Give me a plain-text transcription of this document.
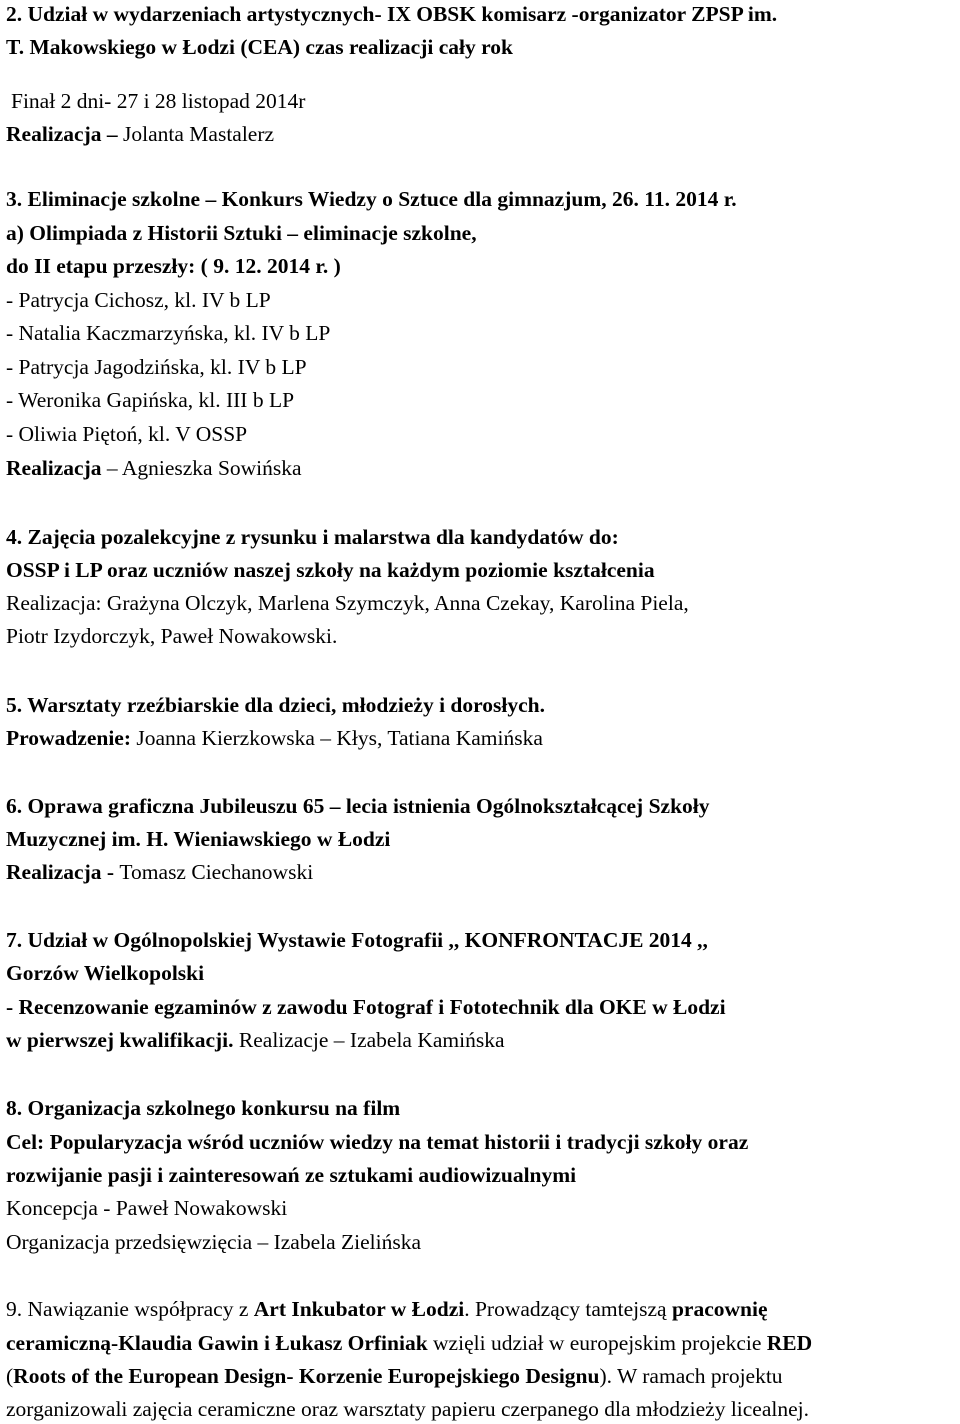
2. Udział w wydarzeniach artystycznych- IX OBSK komisarz -organizator ZPSP im.
T. Makowskiego w Łodzi (CEA) czas realizacji cały rok
Finał 2 dni- 27 i 28 listopad 2014r
Realizacja – Jolanta Mastalerz
3. Eliminacje szkolne – Konkurs Wiedzy o Sztuce dla gimnazjum, 26. 11. 2014 r.
a) Olimpiada z Historii Sztuki – eliminacje szkolne,
do II etapu przeszły: ( 9. 12. 2014 r. )
- Patrycja Cichosz, kl. IV b LP
- Natalia Kaczmarzyńska, kl. IV b LP
- Patrycja Jagodzińska, kl. IV b LP
- Weronika Gapińska, kl. III b LP
- Oliwia Piętoń, kl. V OSSP
Realizacja – Agnieszka Sowińska
4. Zajęcia pozalekcyjne z rysunku i malarstwa dla kandydatów do:
OSSP i LP oraz uczniów naszej szkoły na każdym poziomie kształcenia
Realizacja: Grażyna Olczyk, Marlena Szymczyk, Anna Czekay, Karolina Piela,
Piotr Izydorczyk, Paweł Nowakowski.
5. Warsztaty rzeźbiarskie dla dzieci, młodzieży i dorosłych.
Prowadzenie: Joanna Kierzkowska – Kłys, Tatiana Kamińska
6. Oprawa graficzna Jubileuszu 65 – lecia istnienia Ogólnokształcącej Szkoły
Muzycznej im. H. Wieniawskiego w Łodzi
Realizacja - Tomasz Ciechanowski
7. Udział w Ogólnopolskiej Wystawie Fotografii ,, KONFRONTACJE 2014 ,,
Gorzów Wielkopolski
- Recenzowanie egzaminów z zawodu Fotograf i Fototechnik dla OKE w Łodzi
w pierwszej kwalifikacji. Realizacje – Izabela Kamińska
8. Organizacja szkolnego konkursu na film
Cel: Popularyzacja wśród uczniów wiedzy na temat historii i tradycji szkoły oraz
rozwijanie pasji i zainteresowań ze sztukami audiowizualnymi
Koncepcja - Paweł Nowakowski
Organizacja przedsięwzięcia – Izabela Zielińska
9. Nawiązanie współpracy z Art Inkubator w Łodzi. Prowadzący tamtejszą pracownię
ceramiczną-Klaudia Gawin i Łukasz Orfiniak wzięli udział w europejskim projekcie RED
(Roots of the European Design- Korzenie Europejskiego Designu). W ramach projektu
zorganizowali zajęcia ceramiczne oraz warsztaty papieru czerpanego dla młodzieży licealnej.
